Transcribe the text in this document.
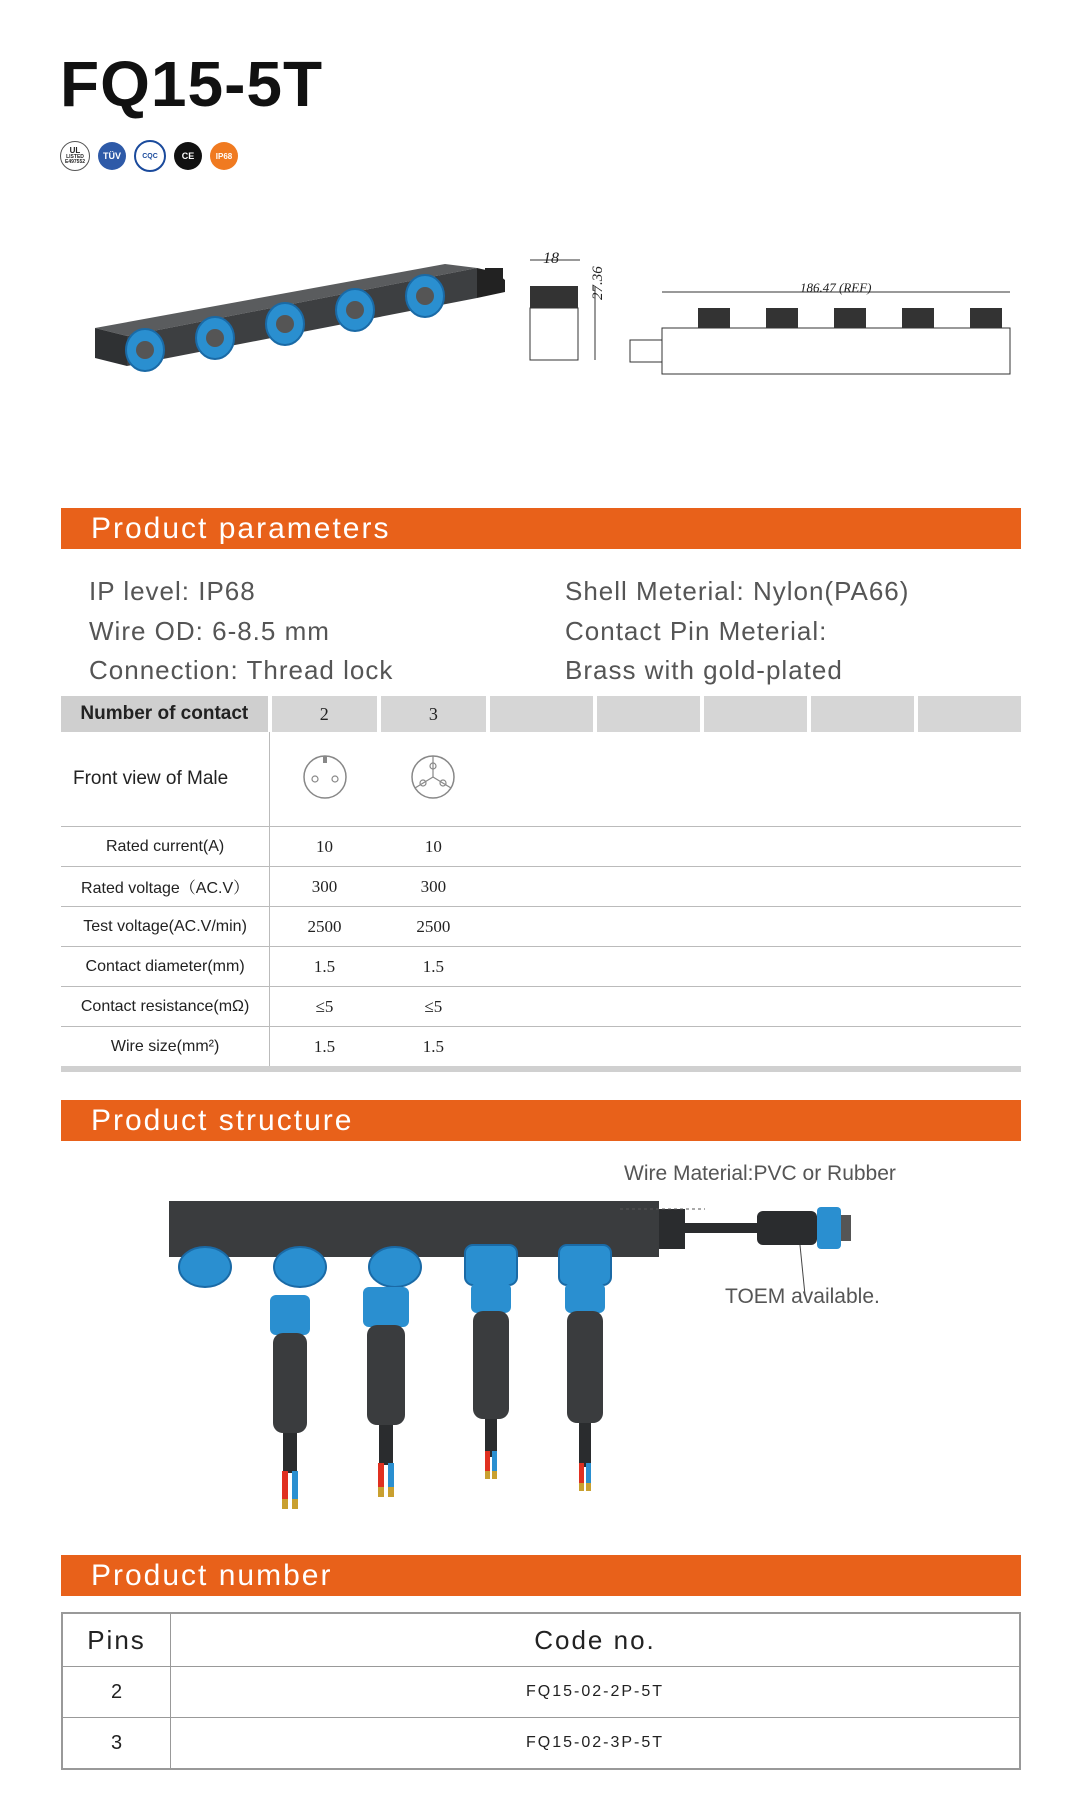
FQ15-5T
UL
LISTED
E497552
TÜV	CQC	CE	IP68
18
27.36	186.47 (REF)
Product parameters
IP level: IP68
Wire OD: 6-8.5 mm
Connection: Thread lock
Shell Meterial: Nylon(PA66)
Contact Pin Meterial:
Brass with gold-plated
Number of contact	2	3					
Front view of Male			
Rated current(A)	10	10					
Rated voltage（AC.V）	300	300					
Test voltage(AC.V/min)	2500	2500					
Contact diameter(mm)	1.5	1.5					
Contact resistance(mΩ)	≤5	≤5					
Wire size(mm²)	1.5	1.5					
Product structure
Wire Material:PVC or Rubber
TOEM available.
Product number
Pins	Code no.
2	FQ15-02-2P-5T
3	FQ15-02-3P-5T
